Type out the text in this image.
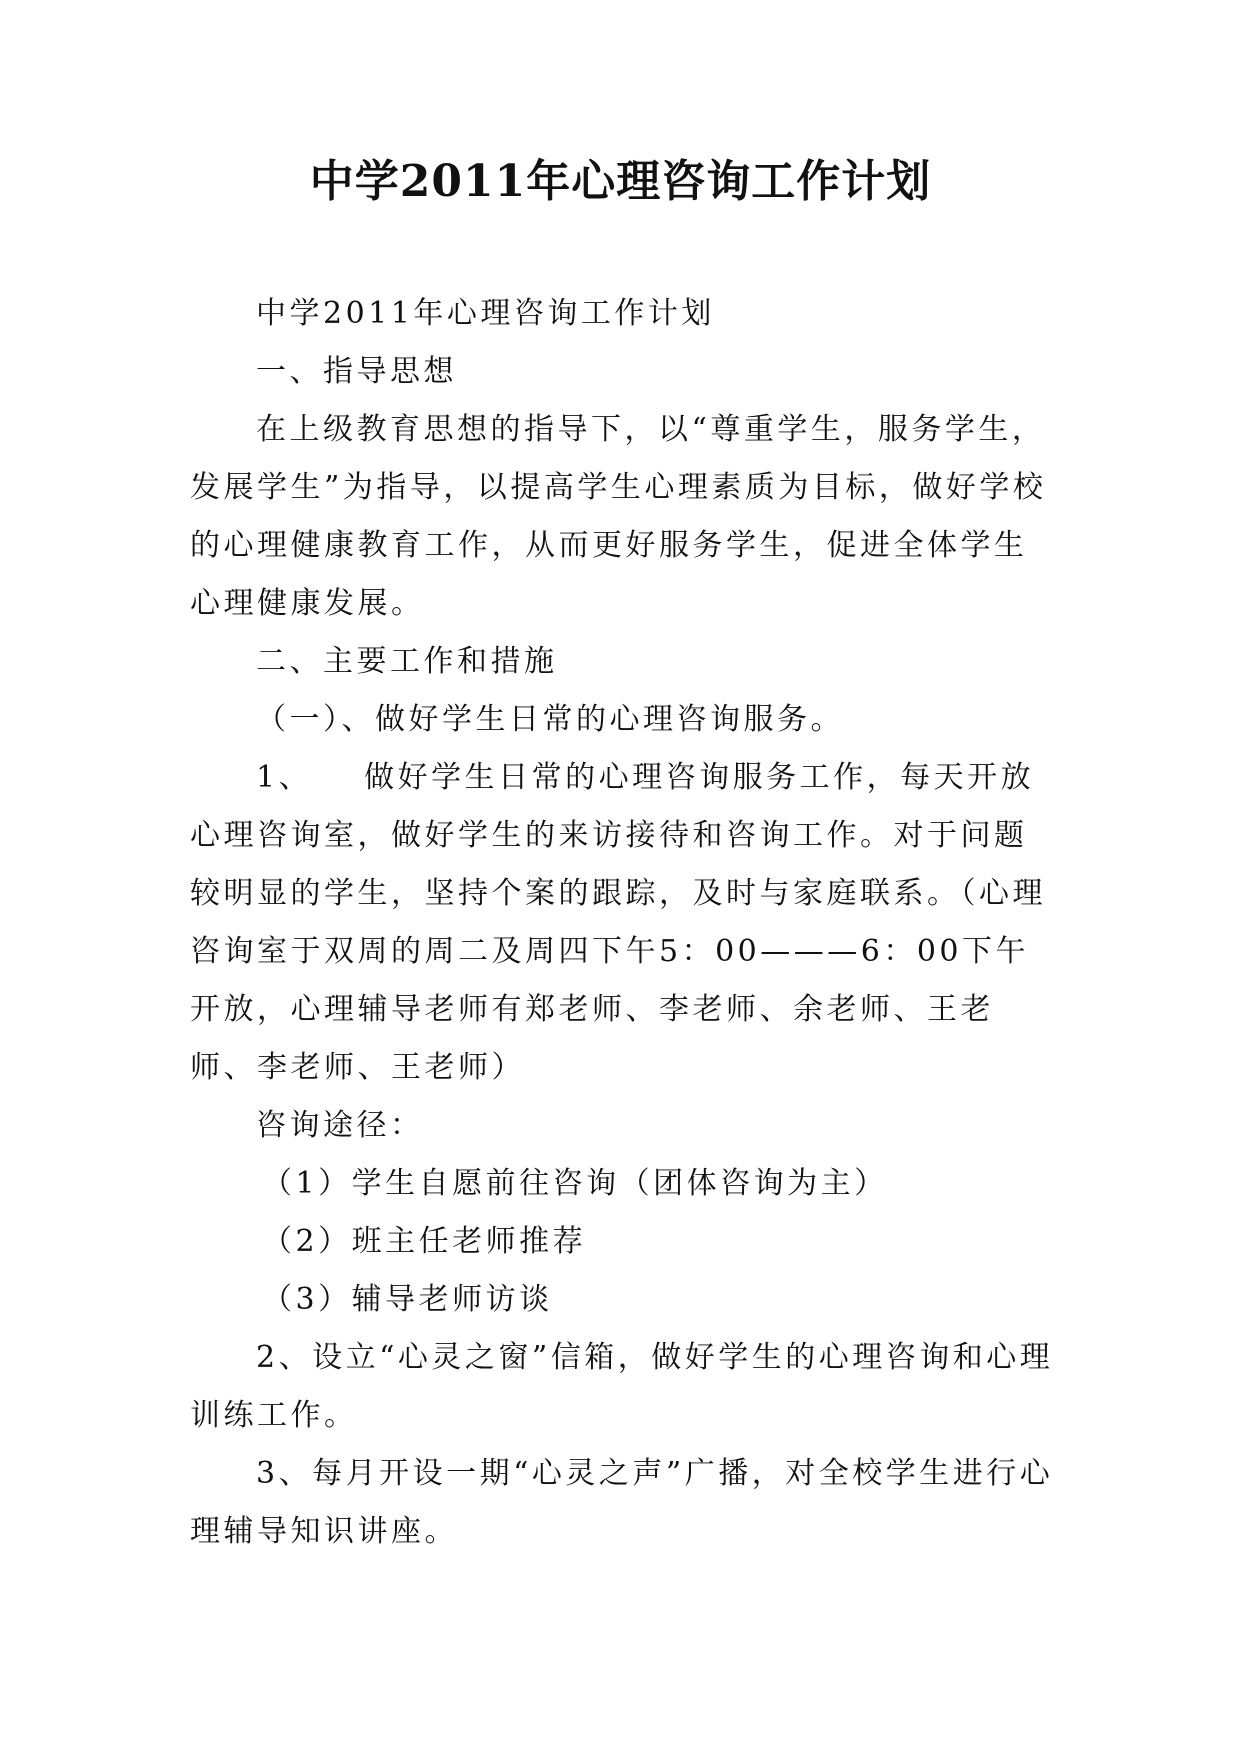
中学2011年心理咨询工作计划

中学2011年心理咨询工作计划

一、指导思想

在上级教育思想的指导下，以“尊重学生，服务学生，发展学生”为指导，以提高学生心理素质为目标，做好学校的心理健康教育工作，从而更好服务学生，促进全体学生心理健康发展。

二、主要工作和措施

（一）、做好学生日常的心理咨询服务。

1、　　做好学生日常的心理咨询服务工作，每天开放心理咨询室，做好学生的来访接待和咨询工作。对于问题较明显的学生，坚持个案的跟踪，及时与家庭联系。（心理咨询室于双周的周二及周四下午5：00———6：00下午开放，心理辅导老师有郑老师、李老师、余老师、王老师、李老师、王老师）

咨询途径：

（1）学生自愿前往咨询（团体咨询为主）

（2）班主任老师推荐

（3）辅导老师访谈

2、设立“心灵之窗”信箱，做好学生的心理咨询和心理训练工作。

3、每月开设一期“心灵之声”广播，对全校学生进行心理辅导知识讲座。
